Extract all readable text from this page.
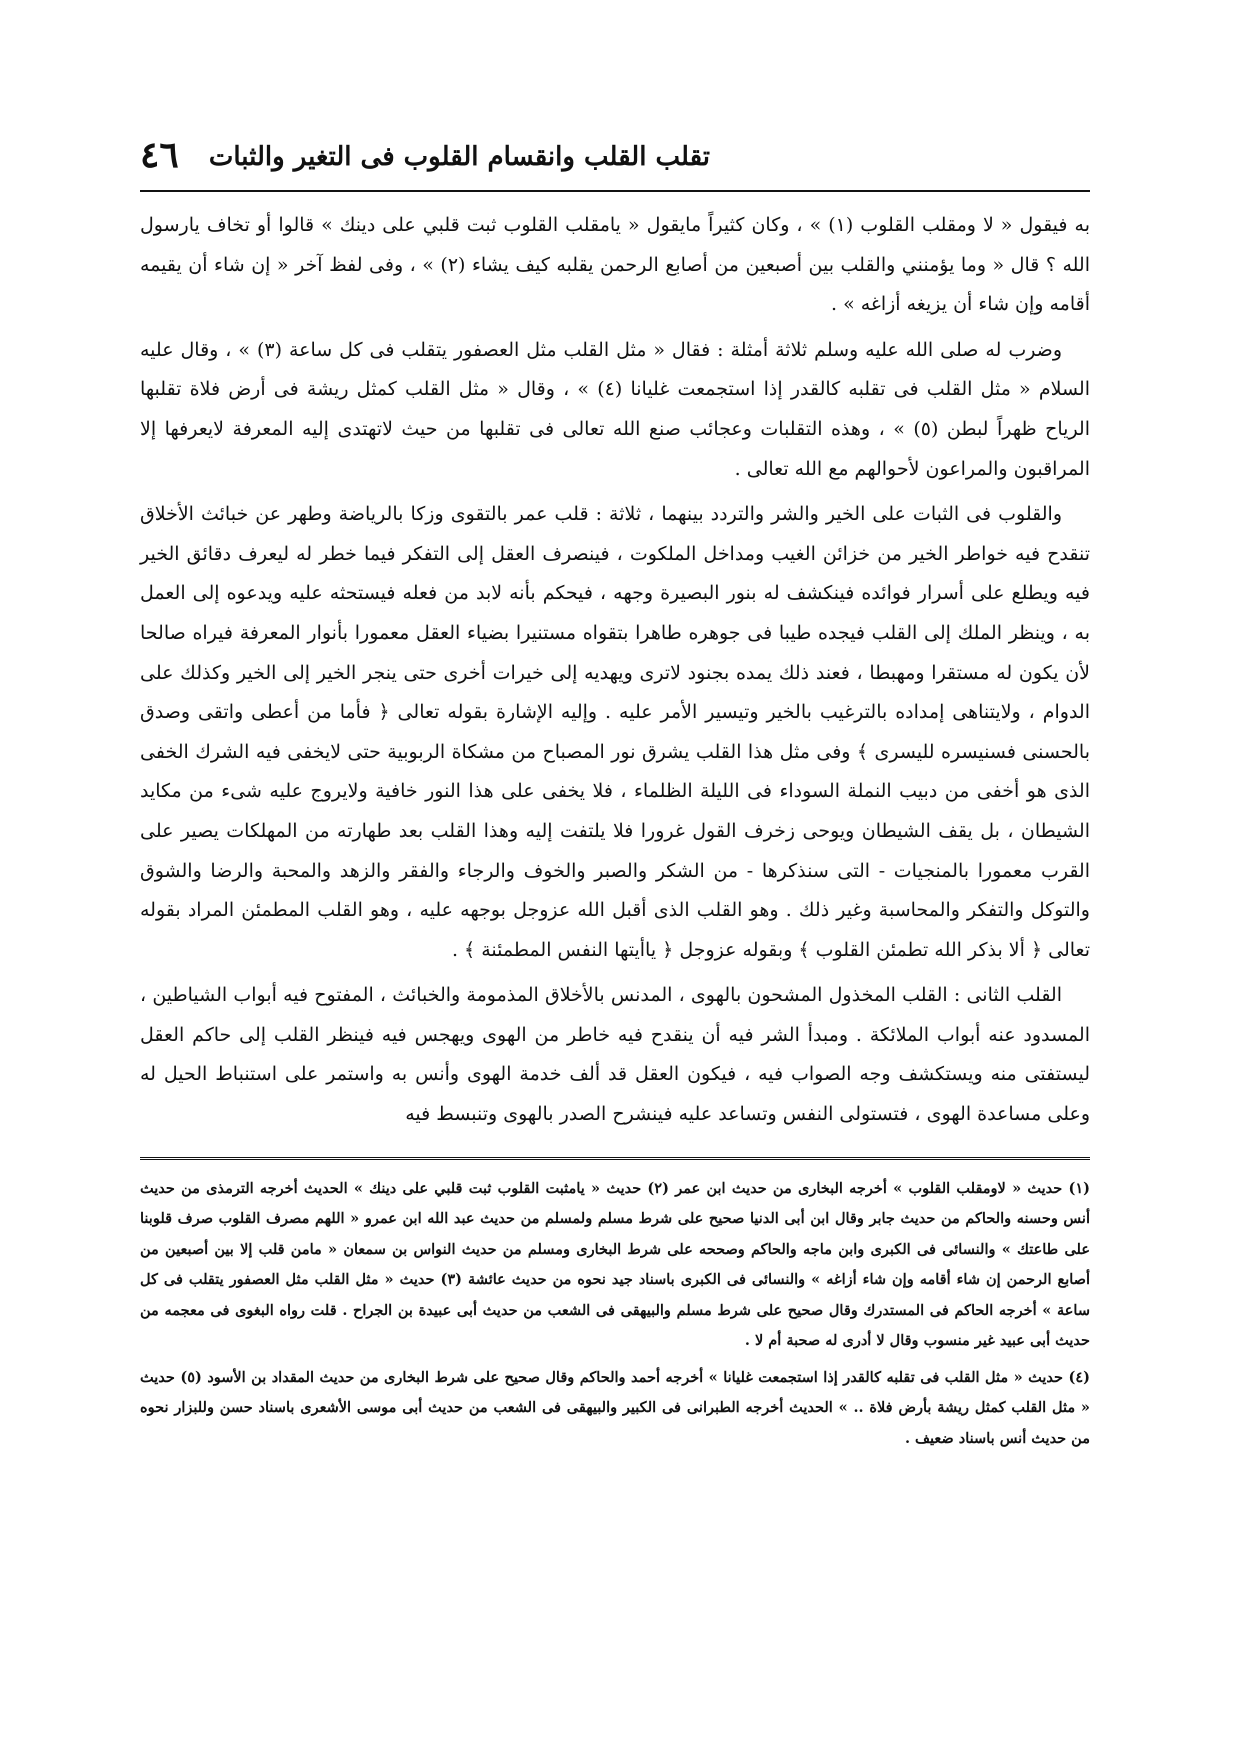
تقلب القلب وانقسام القلوب فى التغير والثبات
٤٦

به فيقول « لا ومقلب القلوب (١) » ، وكان كثيراً مايقول « يامقلب القلوب ثبت قلبي على دينك » قالوا أو تخاف يارسول الله ؟ قال « وما يؤمنني والقلب بين أصبعين من أصابع الرحمن يقلبه كيف يشاء (٢) » ، وفى لفظ آخر « إن شاء أن يقيمه أقامه وإن شاء أن يزيغه أزاغه » .

وضرب له صلى الله عليه وسلم ثلاثة أمثلة : فقال « مثل القلب مثل العصفور يتقلب فى كل ساعة (٣) » ، وقال عليه السلام « مثل القلب فى تقلبه كالقدر إذا استجمعت غليانا (٤) » ، وقال « مثل القلب كمثل ريشة فى أرض فلاة تقلبها الرياح ظهراً لبطن (٥) » ، وهذه التقلبات وعجائب صنع الله تعالى فى تقلبها من حيث لاتهتدى إليه المعرفة لايعرفها إلا المراقبون والمراعون لأحوالهم مع الله تعالى .

والقلوب فى الثبات على الخير والشر والتردد بينهما ، ثلاثة : قلب عمر بالتقوى وزكا بالرياضة وطهر عن خبائث الأخلاق تنقدح فيه خواطر الخير من خزائن الغيب ومداخل الملكوت ، فينصرف العقل إلى التفكر فيما خطر له ليعرف دقائق الخير فيه ويطلع على أسرار فوائده فينكشف له بنور البصيرة وجهه ، فيحكم بأنه لابد من فعله فيستحثه عليه ويدعوه إلى العمل به ، وينظر الملك إلى القلب فيجده طيبا فى جوهره طاهرا بتقواه مستنيرا بضياء العقل معمورا بأنوار المعرفة فيراه صالحا لأن يكون له مستقرا ومهبطا ، فعند ذلك يمده بجنود لاترى ويهديه إلى خيرات أخرى حتى ينجر الخير إلى الخير وكذلك على الدوام ، ولايتناهى إمداده بالترغيب بالخير وتيسير الأمر عليه . وإليه الإشارة بقوله تعالى ﴿ فأما من أعطى واتقى وصدق بالحسنى فسنيسره لليسرى ﴾ وفى مثل هذا القلب يشرق نور المصباح من مشكاة الربوبية حتى لايخفى فيه الشرك الخفى الذى هو أخفى من دبيب النملة السوداء فى الليلة الظلماء ، فلا يخفى على هذا النور خافية ولايروج عليه شىء من مكايد الشيطان ، بل يقف الشيطان ويوحى زخرف القول غرورا فلا يلتفت إليه وهذا القلب بعد طهارته من المهلكات يصير على القرب معمورا بالمنجيات - التى سنذكرها - من الشكر والصبر والخوف والرجاء والفقر والزهد والمحبة والرضا والشوق والتوكل والتفكر والمحاسبة وغير ذلك . وهو القلب الذى أقبل الله عزوجل بوجهه عليه ، وهو القلب المطمئن المراد بقوله تعالى ﴿ ألا بذكر الله تطمئن القلوب ﴾ وبقوله عزوجل ﴿ ياأيتها النفس المطمئنة ﴾ .

القلب الثانى : القلب المخذول المشحون بالهوى ، المدنس بالأخلاق المذمومة والخبائث ، المفتوح فيه أبواب الشياطين ، المسدود عنه أبواب الملائكة . ومبدأ الشر فيه أن ينقدح فيه خاطر من الهوى ويهجس فيه فينظر القلب إلى حاكم العقل ليستفتى منه ويستكشف وجه الصواب فيه ، فيكون العقل قد ألف خدمة الهوى وأنس به واستمر على استنباط الحيل له وعلى مساعدة الهوى ، فتستولى النفس وتساعد عليه فينشرح الصدر بالهوى وتنبسط فيه

(١) حديث « لاومقلب القلوب » أخرجه البخارى من حديث ابن عمر (٢) حديث « يامثبت القلوب ثبت قلبي على دينك » الحديث أخرجه الترمذى من حديث أنس وحسنه والحاكم من حديث جابر وقال ابن أبى الدنيا صحيح على شرط مسلم ولمسلم من حديث عبد الله ابن عمرو « اللهم مصرف القلوب صرف قلوبنا على طاعتك » والنسائى فى الكبرى وابن ماجه والحاكم وصححه على شرط البخارى ومسلم من حديث النواس بن سمعان « مامن قلب إلا بين أصبعين من أصابع الرحمن إن شاء أقامه وإن شاء أزاغه » والنسائى فى الكبرى باسناد جيد نحوه من حديث عائشة (٣) حديث « مثل القلب مثل العصفور يتقلب فى كل ساعة » أخرجه الحاكم فى المستدرك وقال صحيح على شرط مسلم والبيهقى فى الشعب من حديث أبى عبيدة بن الجراح . قلت رواه البغوى فى معجمه من حديث أبى عبيد غير منسوب وقال لا أدرى له صحبة أم لا .

(٤) حديث « مثل القلب فى تقلبه كالقدر إذا استجمعت غليانا » أخرجه أحمد والحاكم وقال صحيح على شرط البخارى من حديث المقداد بن الأسود (٥) حديث « مثل القلب كمثل ريشة بأرض فلاة .. » الحديث أخرجه الطبرانى فى الكبير والبيهقى فى الشعب من حديث أبى موسى الأشعرى باسناد حسن وللبزار نحوه من حديث أنس باسناد ضعيف .
